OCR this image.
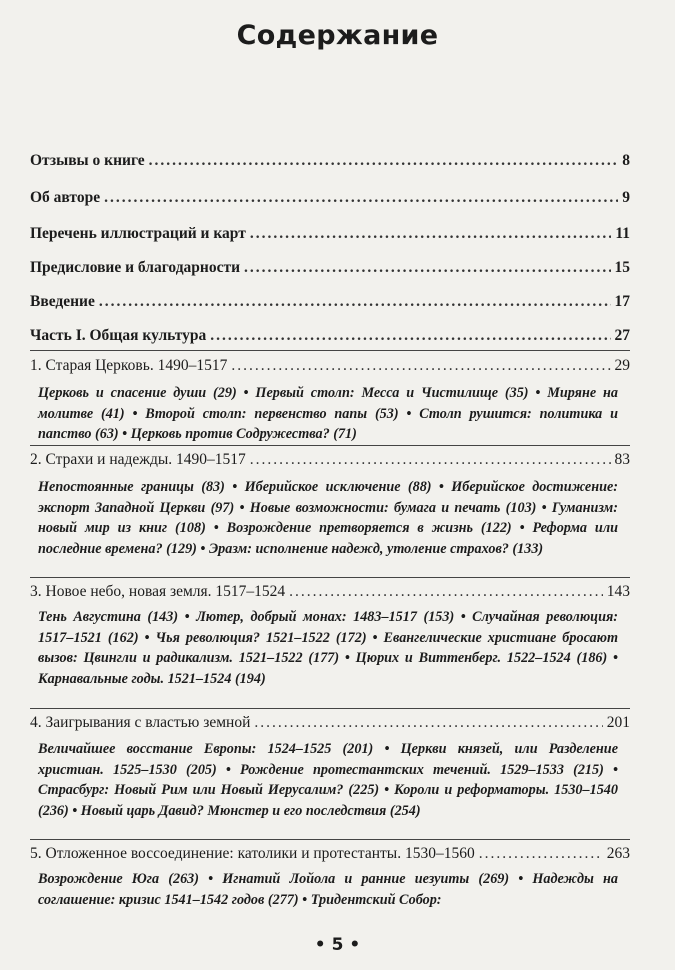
Содержание
Отзывы о книге .....	8
Об авторе .....	9
Перечень иллюстраций и карт .....	11
Предисловие и благодарности .....	15
Введение .....	17
Часть I. Общая культура .....	27
1. Старая Церковь. 1490–1517 .....	29
Церковь и спасение души (29) • Первый столп: Месса и Чистилище (35) • Миряне на молитве (41) • Второй столп: первенство папы (53) • Столп рушится: политика и папство (63) • Церковь против Содружества? (71)
2. Страхи и надежды. 1490–1517 .....	83
Непостоянные границы (83) • Иберийское исключение (88) • Иберийское достижение: экспорт Западной Церкви (97) • Новые возможности: бумага и печать (103) • Гуманизм: новый мир из книг (108) • Возрождение претворяется в жизнь (122) • Реформа или последние времена? (129) • Эразм: исполнение надежд, утоление страхов? (133)
3. Новое небо, новая земля. 1517–1524 .....	143
Тень Августина (143) • Лютер, добрый монах: 1483–1517 (153) • Случайная революция: 1517–1521 (162) • Чья революция? 1521–1522 (172) • Евангелические христиане бросают вызов: Цвингли и радикализм. 1521–1522 (177) • Цюрих и Виттенберг. 1522–1524 (186) • Карнавальные годы. 1521–1524 (194)
4. Заигрывания с властью земной .....	201
Величайшее восстание Европы: 1524–1525 (201) • Церкви князей, или Разделение христиан. 1525–1530 (205) • Рождение протестантских течений. 1529–1533 (215) • Страсбург: Новый Рим или Новый Иерусалим? (225) • Короли и реформаторы. 1530–1540 (236) • Новый царь Давид? Мюнстер и его последствия (254)
5. Отложенное воссоединение: католики и протестанты. 1530–1560 .....	263
Возрождение Юга (263) • Игнатий Лойола и ранние иезуиты (269) • Надежды на соглашение: кризис 1541–1542 годов (277) • Тридентский Собор:
• 5 •
